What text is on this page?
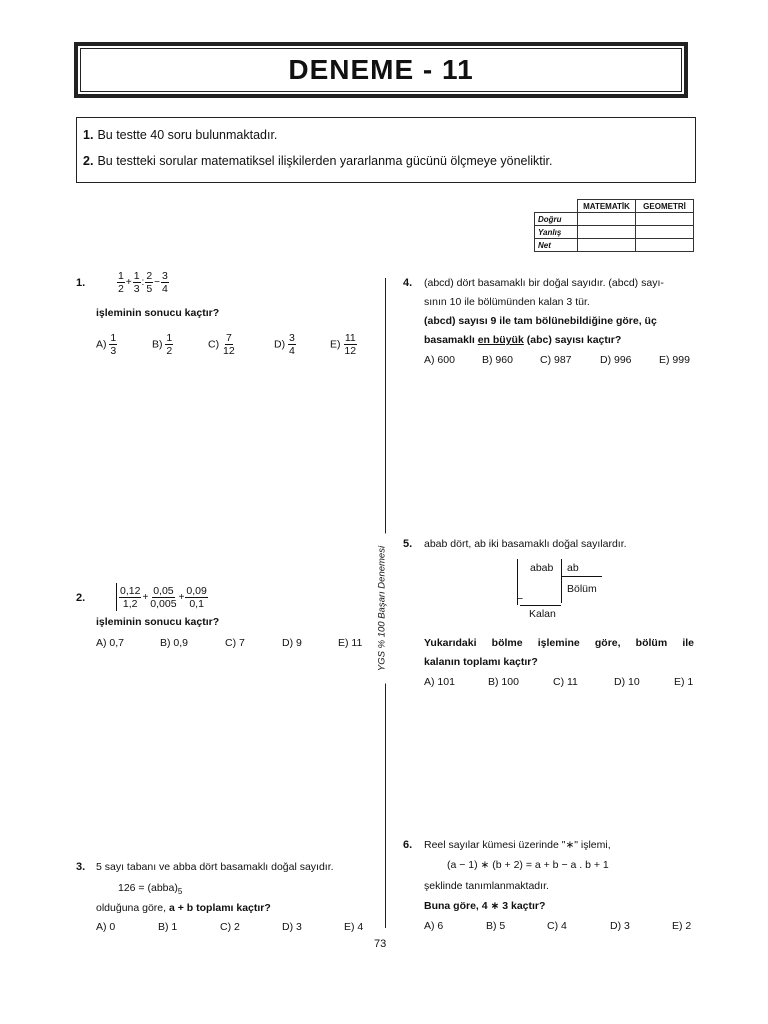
DENEME - 11
1. Bu testte 40 soru bulunmaktadır.
2. Bu testteki sorular matematiksel ilişkilerden yararlanma gücünü ölçmeye yöneliktir.
	MATEMATİK	GEOMETRİ
Doğru		
Yanlış		
Net		
YGS % 100 Başarı Denemesi
1.	$\frac{1}{2} + \frac{1}{3}$ : $\frac{2}{5} - \frac{3}{4}$
işleminin sonucu kaçtır?
$A) \frac{1}{3}$	$B) \frac{1}{2}$	$C) \frac{7}{12}$	$D) \frac{3}{4}$	$E) \frac{11}{12}$
2.	$\frac{0,12}{1,2} + \frac{0,05}{0,005} + \frac{0,09}{0,1}$
işleminin sonucu kaçtır?
A) 0,7	B) 0,9	C) 7	D) 9	E) 11
3. 5 sayı tabanı ve abba dört basamaklı doğal sayıdır.
$126 = (abba)_5$
olduğuna göre, a + b toplamı kaçtır?
A) 0	B) 1	C) 2	D) 3	E) 4
4. (abcd) dört basamaklı bir doğal sayıdır. (abcd) sayı-
sının 10 ile bölümünden kalan 3 tür.
(abcd) sayısı 9 ile tam bölünebildiğine göre, üç
basamaklı en büyük (abc) sayısı kaçtır?
A) 600	B) 960	C) 987	D) 996	E) 999
5. abab dört, ab iki basamaklı doğal sayılardır.
abab ab
Bölüm
−
Kalan
Yukarıdaki bölme işlemine göre, bölüm ile
kalanın toplamı kaçtır?
A) 101	B) 100	C) 11	D) 10	E) 1
6. Reel sayılar kümesi üzerinde "∗" işlemi,
(a − 1) ∗ (b + 2) = a + b − a . b + 1
şeklinde tanımlanmaktadır.
Buna göre, 4 ∗ 3 kaçtır?
A) 6	B) 5	C) 4	D) 3	E) 2
73
